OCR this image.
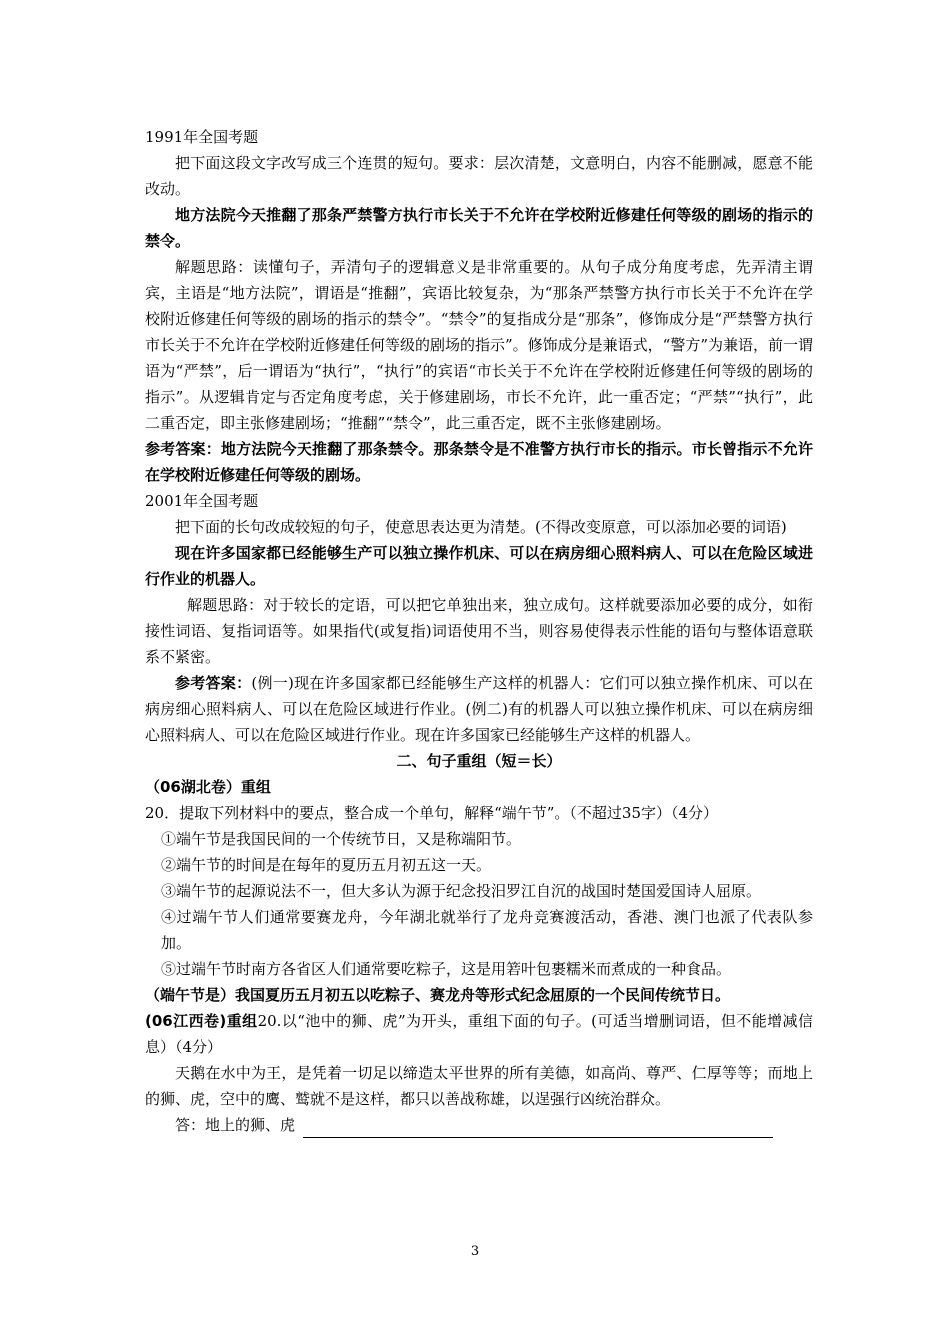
1991年全国考题

把下面这段文字改写成三个连贯的短句。要求：层次清楚，文意明白，内容不能删减，愿意不能改动。

地方法院今天推翻了那条严禁警方执行市长关于不允许在学校附近修建任何等级的剧场的指示的禁令。

解题思路：读懂句子，弄清句子的逻辑意义是非常重要的。从句子成分角度考虑，先弄清主谓宾，主语是“地方法院”，谓语是“推翻”，宾语比较复杂，为“那条严禁警方执行市长关于不允许在学校附近修建任何等级的剧场的指示的禁令”。“禁令”的复指成分是“那条”，修饰成分是“严禁警方执行市长关于不允许在学校附近修建任何等级的剧场的指示”。修饰成分是兼语式，“警方”为兼语，前一谓语为“严禁”，后一谓语为“执行”，“执行”的宾语“市长关于不允许在学校附近修建任何等级的剧场的指示”。从逻辑肯定与否定角度考虑，关于修建剧场，市长不允许，此一重否定；“严禁”“执行”，此二重否定，即主张修建剧场；“推翻”“禁令”，此三重否定，既不主张修建剧场。

参考答案：地方法院今天推翻了那条禁令。那条禁令是不准警方执行市长的指示。市长曾指示不允许在学校附近修建任何等级的剧场。

2001年全国考题

把下面的长句改成较短的句子，使意思表达更为清楚。(不得改变原意，可以添加必要的词语)

现在许多国家都已经能够生产可以独立操作机床、可以在病房细心照料病人、可以在危险区域进行作业的机器人。

解题思路：对于较长的定语，可以把它单独出来，独立成句。这样就要添加必要的成分，如衔接性词语、复指词语等。如果指代(或复指)词语使用不当，则容易使得表示性能的语句与整体语意联系不紧密。

参考答案：(例一)现在许多国家都已经能够生产这样的机器人：它们可以独立操作机床、可以在病房细心照料病人、可以在危险区域进行作业。(例二)有的机器人可以独立操作机床、可以在病房细心照料病人、可以在危险区域进行作业。现在许多国家已经能够生产这样的机器人。

二、句子重组（短＝长）

（06湖北卷）重组

20．提取下列材料中的要点，整合成一个单句，解释“端午节”。（不超过35字）（4分）

①端午节是我国民间的一个传统节日，又是称端阳节。

②端午节的时间是在每年的夏历五月初五这一天。

③端午节的起源说法不一，但大多认为源于纪念投汨罗江自沉的战国时楚国爱国诗人屈原。

④过端午节人们通常要赛龙舟，今年湖北就举行了龙舟竞赛渡活动，香港、澳门也派了代表队参加。

⑤过端午节时南方各省区人们通常要吃粽子，这是用箬叶包裹糯米而煮成的一种食品。

（端午节是）我国夏历五月初五以吃粽子、赛龙舟等形式纪念屈原的一个民间传统节日。

(06江西卷)重组20.以“池中的狮、虎”为开头，重组下面的句子。(可适当增删词语，但不能增减信息）（4分）

天鹅在水中为王，是凭着一切足以缔造太平世界的所有美德，如高尚、尊严、仁厚等等；而地上的狮、虎，空中的鹰、鹫就不是这样，都只以善战称雄，以逞强行凶统治群众。

答：地上的狮、虎

3
